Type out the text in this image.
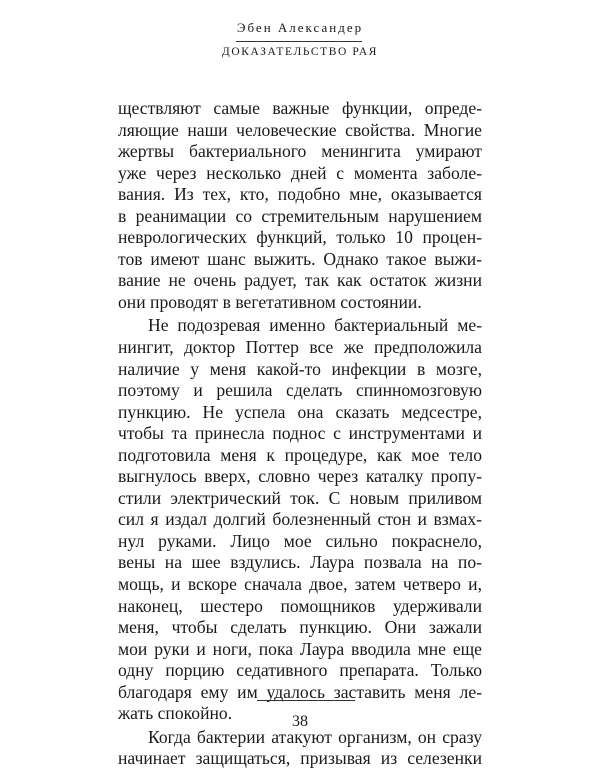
Эбен Александер
ДОКАЗАТЕЛЬСТВО РАЯ
ществляют самые важные функции, опреде-
ляющие наши человеческие свойства. Многие
жертвы бактериального менингита умирают
уже через несколько дней с момента заболе-
вания. Из тех, кто, подобно мне, оказывается
в реанимации со стремительным нарушением
неврологических функций, только 10 процен-
тов имеют шанс выжить. Однако такое выжи-
вание не очень радует, так как остаток жизни
они проводят в вегетативном состоянии.
Не подозревая именно бактериальный ме-
нингит, доктор Поттер все же предположила
наличие у меня какой-то инфекции в мозге,
поэтому и решила сделать спинномозговую
пункцию. Не успела она сказать медсестре,
чтобы та принесла поднос с инструментами и
подготовила меня к процедуре, как мое тело
выгнулось вверх, словно через каталку пропу-
стили электрический ток. С новым приливом
сил я издал долгий болезненный стон и взмах-
нул руками. Лицо мое сильно покраснело,
вены на шее вздулись. Лаура позвала на по-
мощь, и вскоре сначала двое, затем четверо и,
наконец, шестеро помощников удерживали
меня, чтобы сделать пункцию. Они зажали
мои руки и ноги, пока Лаура вводила мне еще
одну порцию седативного препарата. Только
благодаря ему им удалось заставить меня ле-
жать спокойно.
Когда бактерии атакуют организм, он сразу
начинает защищаться, призывая из селезенки
38
